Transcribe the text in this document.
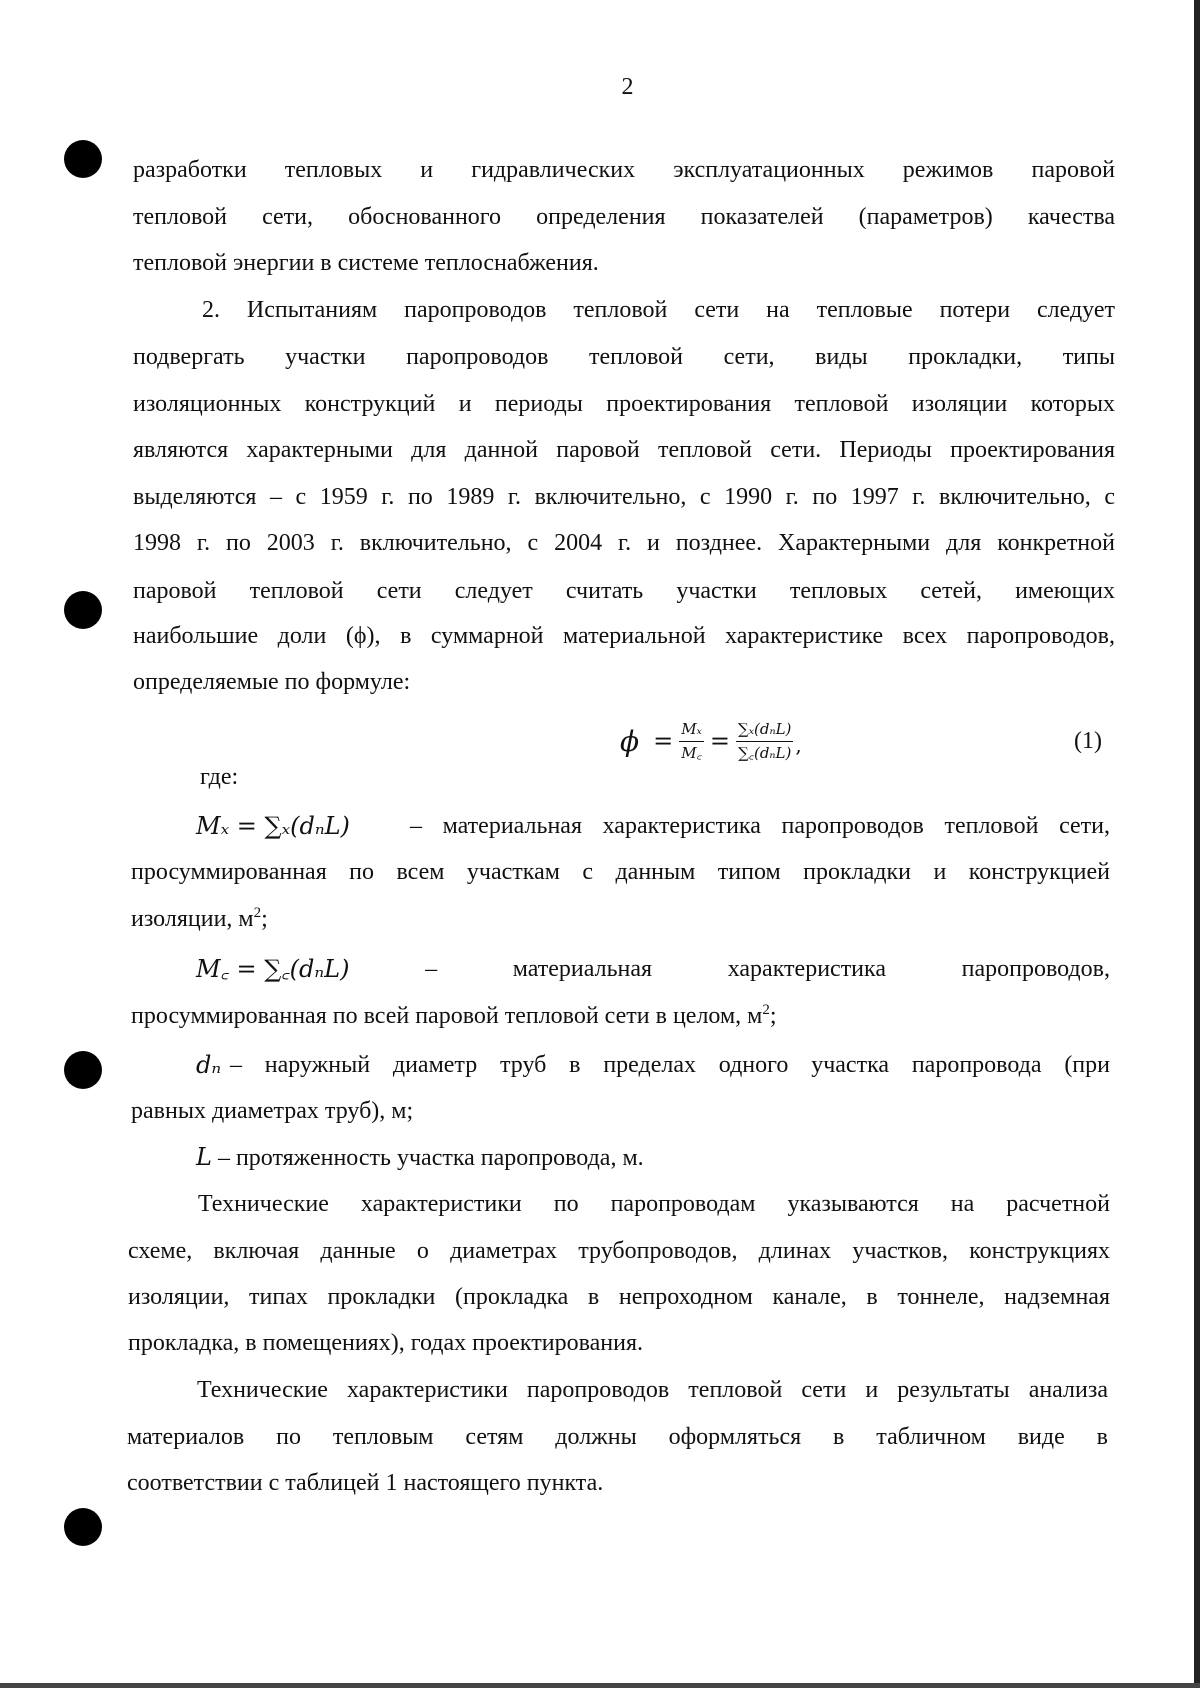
2
разработки тепловых и гидравлических эксплуатационных режимов паровой
тепловой сети, обоснованного определения показателей (параметров) качества
тепловой энергии в системе теплоснабжения.
2. Испытаниям паропроводов тепловой сети на тепловые потери следует
подвергать участки паропроводов тепловой сети, виды прокладки, типы
изоляционных конструкций и периоды проектирования тепловой изоляции которых
являются характерными для данной паровой тепловой сети. Периоды проектирования
выделяются – с 1959 г. по 1989 г. включительно, с 1990 г. по 1997 г. включительно, с
1998 г. по 2003 г. включительно, с 2004 г. и позднее. Характерными для конкретной
паровой тепловой сети следует считать участки тепловых сетей, имеющих
наибольшие доли (ϕ), в суммарной материальной характеристике всех паропроводов,
определяемые по формуле:
$\phi = \frac{\text{Mₓ}}{M꜀} = \frac{\text{∑ₓ(dₙL)}}{\text{∑꜀(dₙL)}}$ ,	(1)
где:
Mₓ = ∑ₓ(dₙL)	– материальная характеристика паропроводов тепловой сети,
просуммированная по всем участкам с данным типом прокладки и конструкцией
изоляции, $м^2$;
M꜀ = ∑꜀(dₙL)	–	материальная	характеристика	паропроводов,
просуммированная по всей паровой тепловой сети в целом, $м^2$;
dₙ – наружный диаметр труб в пределах одного участка паропровода (при
равных диаметрах труб), м;
L – протяженность участка паропровода, м.
Технические характеристики по паропроводам указываются на расчетной
схеме, включая данные о диаметрах трубопроводов, длинах участков, конструкциях
изоляции, типах прокладки (прокладка в непроходном канале, в тоннеле, надземная
прокладка, в помещениях), годах проектирования.
Технические характеристики паропроводов тепловой сети и результаты анализа
материалов по тепловым сетям должны оформляться в табличном виде в
соответствии с таблицей 1 настоящего пункта.
